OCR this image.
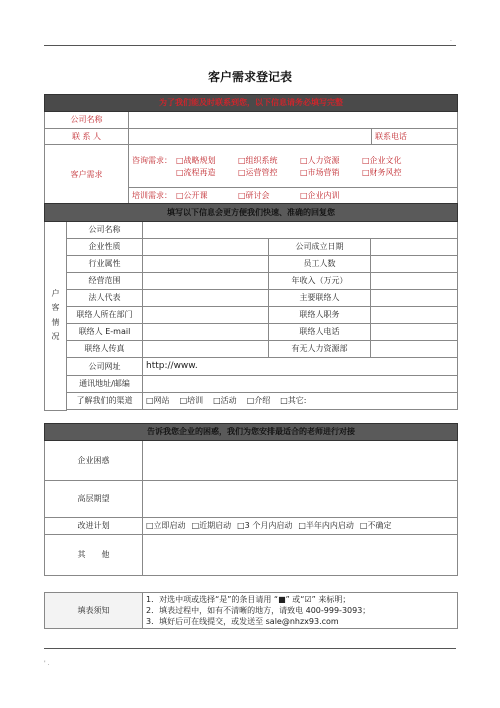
·
客户需求登记表
为了我们能及时联系到您，以下信息请务必填写完整		
公司名称		
联 系 人		联系电话
客户需求	咨询需求： □战略规划 □组织系统 □人力资源 □企业文化
□流程再造 □运营管控 □市场营销 □财务风控	

	培训需求： □公开课 □研讨会 □企业内训	
填写以下信息会更方便我们快速、准确的回复您				
户
客
情
况	公司名称			
	企业性质		公司成立日期	
	行业属性		员工人数	
	经营范围		年收入（万元）	
	法人代表		主要联络人	
	联络人所在部门		联络人职务	
	联络人 E-mail		联络人电话	
	联络人传真		有无人力资源部	
	公司网址	http://www.		
	通讯地址/邮编			
	了解我们的渠道	□网站 □培训 □活动 □介绍 □其它:		

告诉我您企业的困惑，我们为您安排最适合的老师进行对接	
企业困惑	
高层期望	
改进计划	□立即启动 □近期启动 □3 个月内启动 □半年内内启动 □不确定
其　　他	
填表须知	
1．对选中项或选择“是”的条目请用 “■” 或“☑” 来标明；
2．填表过程中，如有不清晰的地方，请致电 400-999-3093；
3．填好后可在线提交，或发送至 sale@nhzx93.com
' .
